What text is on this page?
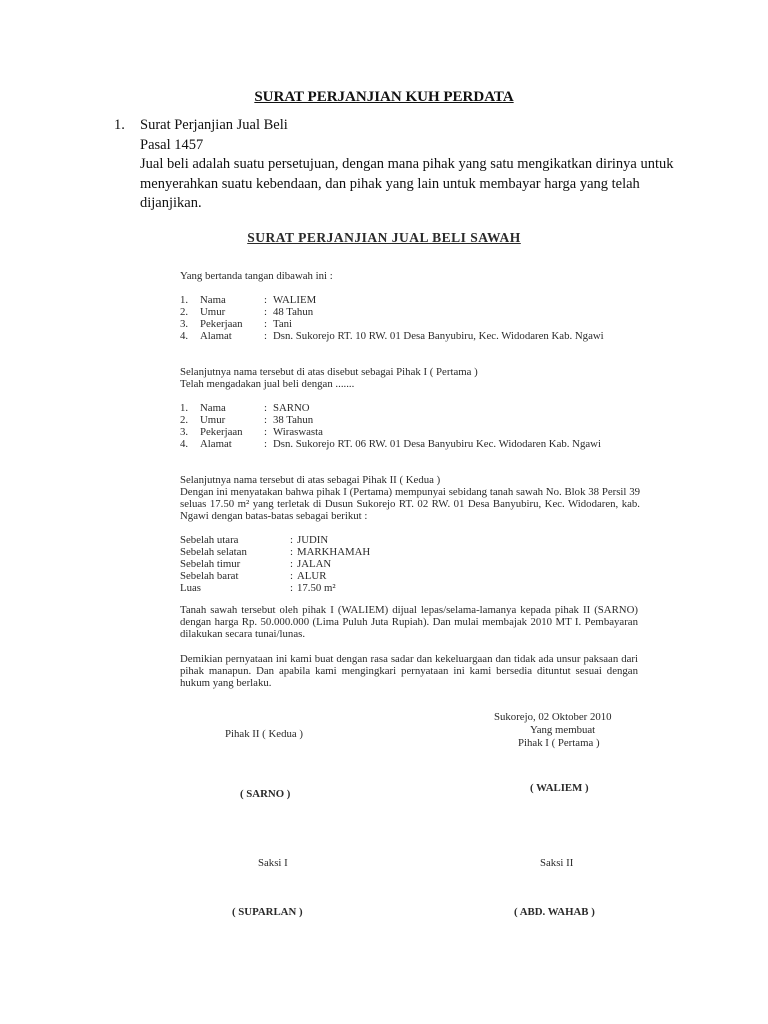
SURAT PERJANJIAN KUH PERDATA
1. Surat Perjanjian Jual Beli
Pasal 1457
Jual beli adalah suatu persetujuan, dengan mana pihak yang satu mengikatkan dirinya untuk menyerahkan suatu kebendaan, dan pihak yang lain untuk membayar harga yang telah dijanjikan.
SURAT PERJANJIAN JUAL BELI SAWAH
Yang bertanda tangan dibawah ini :
1. Nama	: WALIEM
2. Umur	: 48 Tahun
3. Pekerjaan : Tani
4. Alamat	: Dsn. Sukorejo RT. 10 RW. 01 Desa Banyubiru, Kec. Widodaren Kab. Ngawi
Selanjutnya nama tersebut di atas disebut sebagai Pihak I ( Pertama )
Telah mengadakan jual beli dengan .......
1. Nama	: SARNO
2. Umur	: 38 Tahun
3. Pekerjaan : Wiraswasta
4. Alamat	: Dsn. Sukorejo RT. 06 RW. 01 Desa Banyubiru Kec. Widodaren Kab. Ngawi
Selanjutnya nama tersebut di atas sebagai Pihak II ( Kedua )
Dengan ini menyatakan bahwa pihak I (Pertama) mempunyai sebidang tanah sawah No. Blok 38 Persil 39 seluas 17.50 m² yang terletak di Dusun Sukorejo RT. 02 RW. 01 Desa Banyubiru, Kec. Widodaren, kab. Ngawi dengan batas-batas sebagai berikut :
Sebelah utara	: JUDIN
Sebelah selatan	: MARKHAMAH
Sebelah timur	: JALAN
Sebelah barat	: ALUR
Luas	: 17.50 m²
Tanah sawah tersebut oleh pihak I (WALIEM) dijual lepas/selama-lamanya kepada pihak II (SARNO) dengan harga Rp. 50.000.000 (Lima Puluh Juta Rupiah). Dan mulai membajak 2010 MT I. Pembayaran dilakukan secara tunai/lunas.
Demikian pernyataan ini kami buat dengan rasa sadar dan kekeluargaan dan tidak ada unsur paksaan dari pihak manapun. Dan apabila kami mengingkari pernyataan ini kami bersedia dituntut sesuai dengan hukum yang berlaku.
Sukorejo, 02 Oktober 2010
Yang membuat
Pihak I ( Pertama )
Pihak II ( Kedua )
( SARNO )	( WALIEM )
Saksi I	Saksi II
( SUPARLAN )	( ABD. WAHAB )
